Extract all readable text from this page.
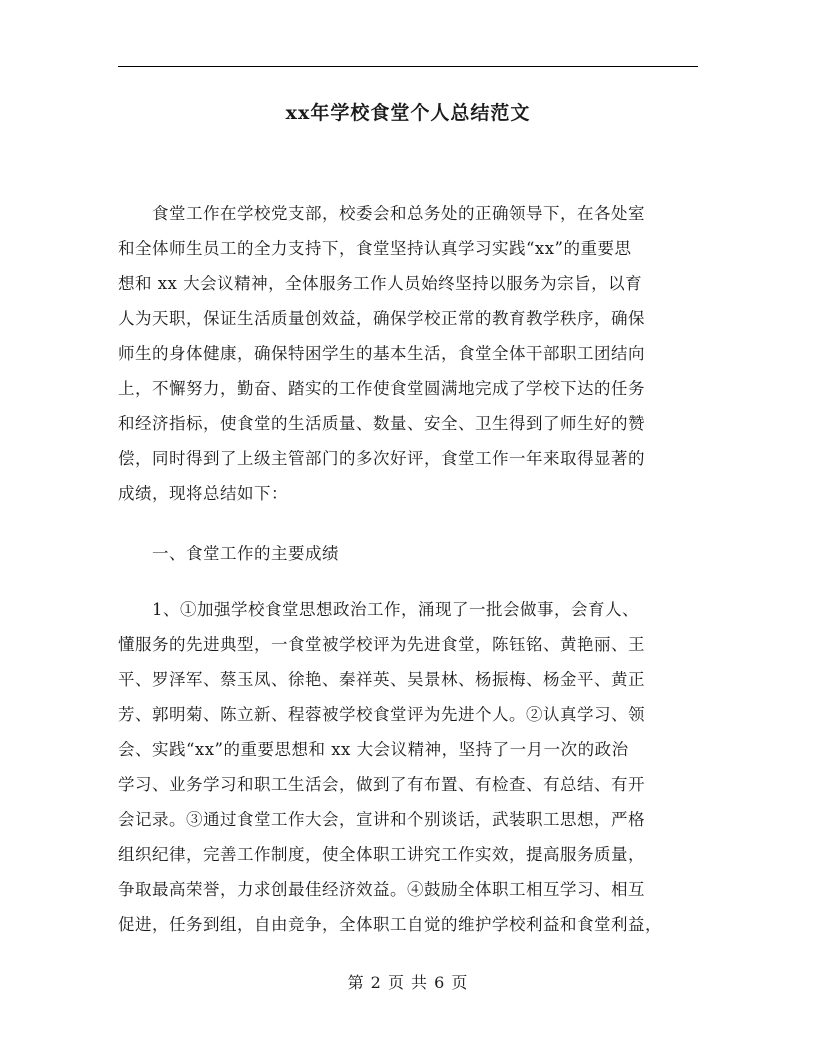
xx年学校食堂个人总结范文
　　食堂工作在学校党支部，校委会和总务处的正确领导下，在各处室
和全体师生员工的全力支持下，食堂坚持认真学习实践“xx”的重要思
想和 xx 大会议精神，全体服务工作人员始终坚持以服务为宗旨，以育
人为天职，保证生活质量创效益，确保学校正常的教育教学秩序，确保
师生的身体健康，确保特困学生的基本生活，食堂全体干部职工团结向
上，不懈努力，勤奋、踏实的工作使食堂圆满地完成了学校下达的任务
和经济指标，使食堂的生活质量、数量、安全、卫生得到了师生好的赞
偿，同时得到了上级主管部门的多次好评，食堂工作一年来取得显著的
成绩，现将总结如下：
　　一、食堂工作的主要成绩
　　1、①加强学校食堂思想政治工作，涌现了一批会做事，会育人、
懂服务的先进典型，一食堂被学校评为先进食堂，陈钰铭、黄艳丽、王
平、罗泽军、蔡玉凤、徐艳、秦祥英、吴景林、杨振梅、杨金平、黄正
芳、郭明菊、陈立新、程蓉被学校食堂评为先进个人。②认真学习、领
会、实践“xx”的重要思想和 xx 大会议精神，坚持了一月一次的政治
学习、业务学习和职工生活会，做到了有布置、有检查、有总结、有开
会记录。③通过食堂工作大会，宣讲和个别谈话，武装职工思想，严格
组织纪律，完善工作制度，使全体职工讲究工作实效，提高服务质量，
争取最高荣誉，力求创最佳经济效益。④鼓励全体职工相互学习、相互
促进，任务到组，自由竞争，全体职工自觉的维护学校利益和食堂利益，
第 2 页 共 6 页
